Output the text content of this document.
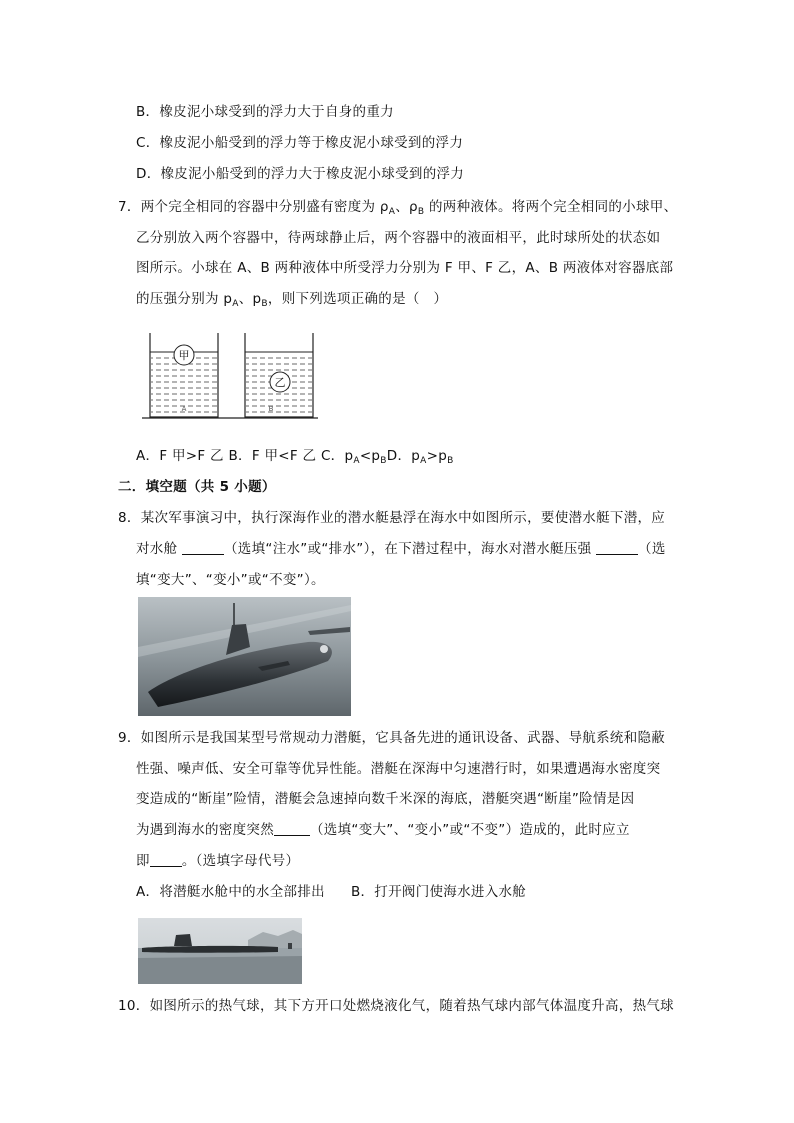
B．橡皮泥小球受到的浮力大于自身的重力
C．橡皮泥小船受到的浮力等于橡皮泥小球受到的浮力
D．橡皮泥小船受到的浮力大于橡皮泥小球受到的浮力
7．两个完全相同的容器中分别盛有密度为 $\rho_A$、$\rho_B$ 的两种液体。将两个完全相同的小球甲、
乙分别放入两个容器中，待两球静止后，两个容器中的液面相平，此时球所处的状态如
图所示。小球在 A、B 两种液体中所受浮力分别为 F 甲、F 乙，A、B 两液体对容器底部
的压强分别为 $p_A$、$p_B$，则下列选项正确的是（　）
甲
A
乙
B
A．F 甲>F 乙 B．F 甲<F 乙 C．$p_A<p_BD$．$p_A>p_B$
二．填空题（共 5 小题）
8．某次军事演习中，执行深海作业的潜水艇悬浮在海水中如图所示，要使潜水艇下潜，应
对水舱	（选填“注水”或“排水”），在下潜过程中，海水对潜水艇压强	（选
填“变大”、“变小”或“不变”）。
9．如图所示是我国某型号常规动力潜艇，它具备先进的通讯设备、武器、导航系统和隐蔽
性强、噪声低、安全可靠等优异性能。潜艇在深海中匀速潜行时，如果遭遇海水密度突
变造成的“断崖”险情，潜艇会急速掉向数千米深的海底，潜艇突遇“断崖”险情是因
为遇到海水的密度突然	（选填“变大”、“变小”或“不变”）造成的，此时应立
即 。（选填字母代号）
A．将潜艇水舱中的水全部排出 B．打开阀门使海水进入水舱
10．如图所示的热气球，其下方开口处燃烧液化气，随着热气球内部气体温度升高，热气球
